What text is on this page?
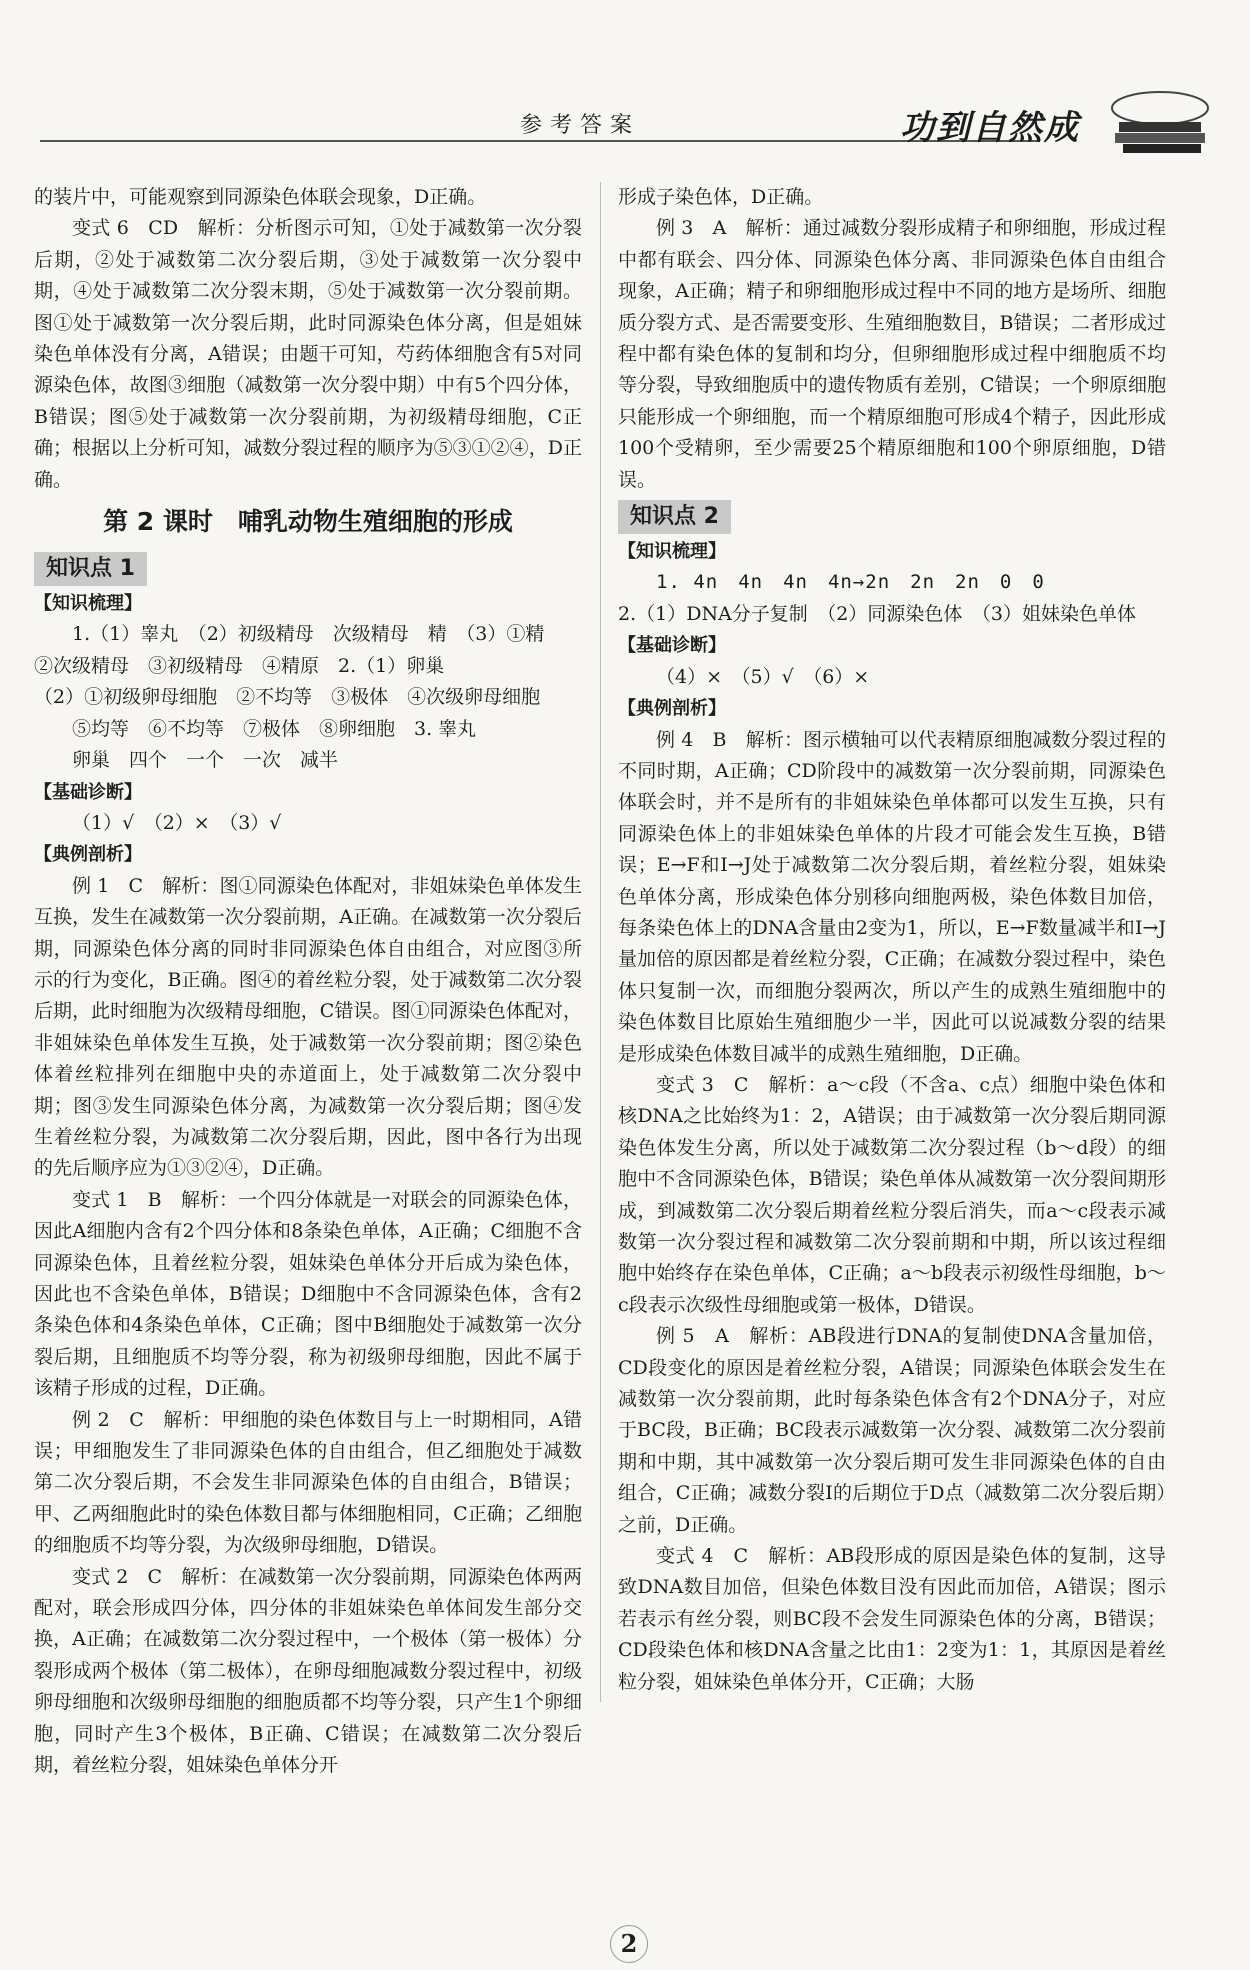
参考答案	功到自然成

的装片中，可能观察到同源染色体联会现象，D正确。

变式 6　CD　解析：分析图示可知，①处于减数第一次分裂后期，②处于减数第二次分裂后期，③处于减数第一次分裂中期，④处于减数第二次分裂末期，⑤处于减数第一次分裂前期。图①处于减数第一次分裂后期，此时同源染色体分离，但是姐妹染色单体没有分离，A错误；由题干可知，芍药体细胞含有5对同源染色体，故图③细胞（减数第一次分裂中期）中有5个四分体，B错误；图⑤处于减数第一次分裂前期，为初级精母细胞，C正确；根据以上分析可知，减数分裂过程的顺序为⑤③①②④，D正确。

第 2 课时　哺乳动物生殖细胞的形成
知识点 1
【知识梳理】

1.（1）睾丸　（2）初级精母　次级精母　精　（3）①精

②次级精母　③初级精母　④精原　2.（1）卵巢

（2）①初级卵母细胞　②不均等　③极体　④次级卵母细胞

⑤均等　⑥不均等　⑦极体　⑧卵细胞　3. 睾丸

卵巢　四个　一个　一次　减半

【基础诊断】

（1）√　（2）×　（3）√

【典例剖析】

例 1　C　解析：图①同源染色体配对，非姐妹染色单体发生互换，发生在减数第一次分裂前期，A正确。在减数第一次分裂后期，同源染色体分离的同时非同源染色体自由组合，对应图③所示的行为变化，B正确。图④的着丝粒分裂，处于减数第二次分裂后期，此时细胞为次级精母细胞，C错误。图①同源染色体配对，非姐妹染色单体发生互换，处于减数第一次分裂前期；图②染色体着丝粒排列在细胞中央的赤道面上，处于减数第二次分裂中期；图③发生同源染色体分离，为减数第一次分裂后期；图④发生着丝粒分裂，为减数第二次分裂后期，因此，图中各行为出现的先后顺序应为①③②④，D正确。

变式 1　B　解析：一个四分体就是一对联会的同源染色体，因此A细胞内含有2个四分体和8条染色单体，A正确；C细胞不含同源染色体，且着丝粒分裂，姐妹染色单体分开后成为染色体，因此也不含染色单体，B错误；D细胞中不含同源染色体，含有2条染色体和4条染色单体，C正确；图中B细胞处于减数第一次分裂后期，且细胞质不均等分裂，称为初级卵母细胞，因此不属于该精子形成的过程，D正确。

例 2　C　解析：甲细胞的染色体数目与上一时期相同，A错误；甲细胞发生了非同源染色体的自由组合，但乙细胞处于减数第二次分裂后期，不会发生非同源染色体的自由组合，B错误；甲、乙两细胞此时的染色体数目都与体细胞相同，C正确；乙细胞的细胞质不均等分裂，为次级卵母细胞，D错误。

变式 2　C　解析：在减数第一次分裂前期，同源染色体两两配对，联会形成四分体，四分体的非姐妹染色单体间发生部分交换，A正确；在减数第二次分裂过程中，一个极体（第一极体）分裂形成两个极体（第二极体），在卵母细胞减数分裂过程中，初级卵母细胞和次级卵母细胞的细胞质都不均等分裂，只产生1个卵细胞，同时产生3个极体，B正确、C错误；在减数第二次分裂后期，着丝粒分裂，姐妹染色单体分开

形成子染色体，D正确。

例 3　A　解析：通过减数分裂形成精子和卵细胞，形成过程中都有联会、四分体、同源染色体分离、非同源染色体自由组合现象，A正确；精子和卵细胞形成过程中不同的地方是场所、细胞质分裂方式、是否需要变形、生殖细胞数目，B错误；二者形成过程中都有染色体的复制和均分，但卵细胞形成过程中细胞质不均等分裂，导致细胞质中的遗传物质有差别，C错误；一个卵原细胞只能形成一个卵细胞，而一个精原细胞可形成4个精子，因此形成100个受精卵，至少需要25个精原细胞和100个卵原细胞，D错误。

知识点 2
【知识梳理】

1. 4n　4n　4n　4n→2n　2n　2n　0　0

2.（1）DNA分子复制　（2）同源染色体　（3）姐妹染色单体

【基础诊断】

（4）×　（5）√　（6）×

【典例剖析】

例 4　B　解析：图示横轴可以代表精原细胞减数分裂过程的不同时期，A正确；CD阶段中的减数第一次分裂前期，同源染色体联会时，并不是所有的非姐妹染色单体都可以发生互换，只有同源染色体上的非姐妹染色单体的片段才可能会发生互换，B错误；E→F和I→J处于减数第二次分裂后期，着丝粒分裂，姐妹染色单体分离，形成染色体分别移向细胞两极，染色体数目加倍，每条染色体上的DNA含量由2变为1，所以，E→F数量减半和I→J量加倍的原因都是着丝粒分裂，C正确；在减数分裂过程中，染色体只复制一次，而细胞分裂两次，所以产生的成熟生殖细胞中的染色体数目比原始生殖细胞少一半，因此可以说减数分裂的结果是形成染色体数目减半的成熟生殖细胞，D正确。

变式 3　C　解析：a～c段（不含a、c点）细胞中染色体和核DNA之比始终为1：2，A错误；由于减数第一次分裂后期同源染色体发生分离，所以处于减数第二次分裂过程（b～d段）的细胞中不含同源染色体，B错误；染色单体从减数第一次分裂间期形成，到减数第二次分裂后期着丝粒分裂后消失，而a～c段表示减数第一次分裂过程和减数第二次分裂前期和中期，所以该过程细胞中始终存在染色单体，C正确；a～b段表示初级性母细胞，b～c段表示次级性母细胞或第一极体，D错误。

例 5　A　解析：AB段进行DNA的复制使DNA含量加倍，CD段变化的原因是着丝粒分裂，A错误；同源染色体联会发生在减数第一次分裂前期，此时每条染色体含有2个DNA分子，对应于BC段，B正确；BC段表示减数第一次分裂、减数第二次分裂前期和中期，其中减数第一次分裂后期可发生非同源染色体的自由组合，C正确；减数分裂Ⅰ的后期位于D点（减数第二次分裂后期）之前，D正确。

变式 4　C　解析：AB段形成的原因是染色体的复制，这导致DNA数目加倍，但染色体数目没有因此而加倍，A错误；图示若表示有丝分裂，则BC段不会发生同源染色体的分离，B错误；CD段染色体和核DNA含量之比由1：2变为1：1，其原因是着丝粒分裂，姐妹染色单体分开，C正确；大肠

2
